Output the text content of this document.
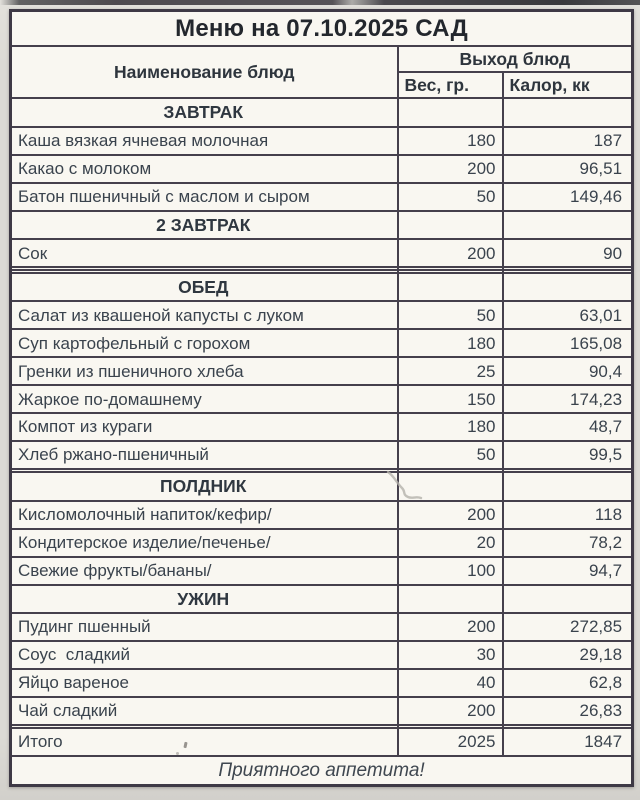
Меню на 07.10.2025 САД		
Наименование блюд	Выход блюд	
	Вес, гр.	Калор, кк
ЗАВТРАК		
Каша вязкая ячневая молочная	180	187
Какао с молоком	200	96,51
Батон пшеничный с маслом и сыром	50	149,46
2 ЗАВТРАК		
Сок	200	90

ОБЕД		
Салат из квашеной капусты с луком	50	63,01
Суп картофельный с горохом	180	165,08
Гренки из пшеничного хлеба	25	90,4
Жаркое по-домашнему	150	174,23
Компот из кураги	180	48,7
Хлеб ржано-пшеничный	50	99,5

ПОЛДНИК		
Кисломолочный напиток/кефир/	200	118
Кондитерское изделие/печенье/	20	78,2
Свежие фрукты/бананы/	100	94,7
УЖИН		
Пудинг пшенный	200	272,85
Соус  сладкий	30	29,18
Яйцо вареное	40	62,8
Чай сладкий	200	26,83

Итого	2025	1847
Приятного аппетита!		
